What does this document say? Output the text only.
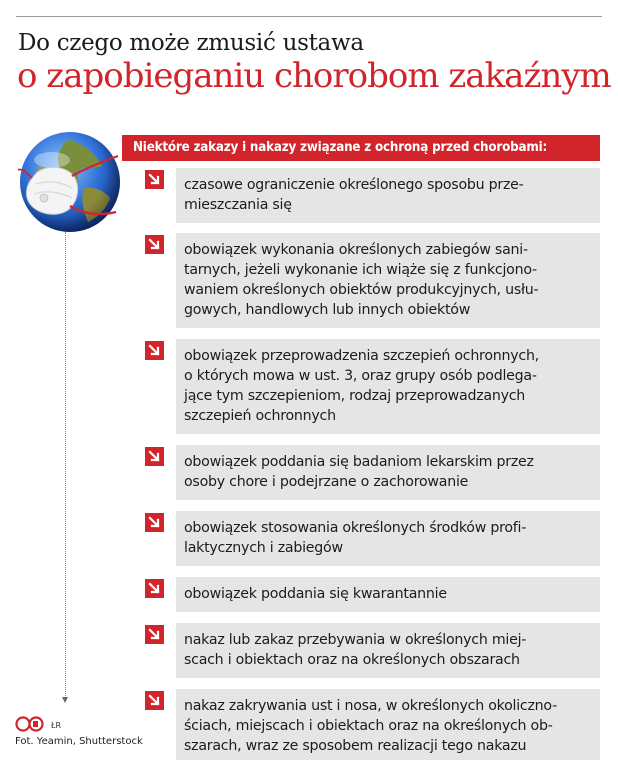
Do czego może zmusić ustawa
o zapobieganiu chorobom zakaźnym
Niektóre zakazy i nakazy związane z ochroną przed chorobami:
czasowe ograniczenie określonego sposobu prze-
mieszczania się
obowiązek wykonania określonych zabiegów sani-
tarnych, jeżeli wykonanie ich wiąże się z funkcjono-
waniem określonych obiektów produkcyjnych, usłu-
gowych, handlowych lub innych obiektów
obowiązek przeprowadzenia szczepień ochronnych,
o których mowa w ust. 3, oraz grupy osób podlega-
jące tym szczepieniom, rodzaj przeprowadzanych
szczepień ochronnych
obowiązek poddania się badaniom lekarskim przez
osoby chore i podejrzane o zachorowanie
obowiązek stosowania określonych środków profi-
laktycznych i zabiegów
obowiązek poddania się kwarantannie
nakaz lub zakaz przebywania w określonych miej-
scach i obiektach oraz na określonych obszarach
nakaz zakrywania ust i nosa, w określonych okoliczno-
ściach, miejscach i obiektach oraz na określonych ob-
szarach, wraz ze sposobem realizacji tego nakazu
ŁR
Fot. Yeamin, Shutterstock
